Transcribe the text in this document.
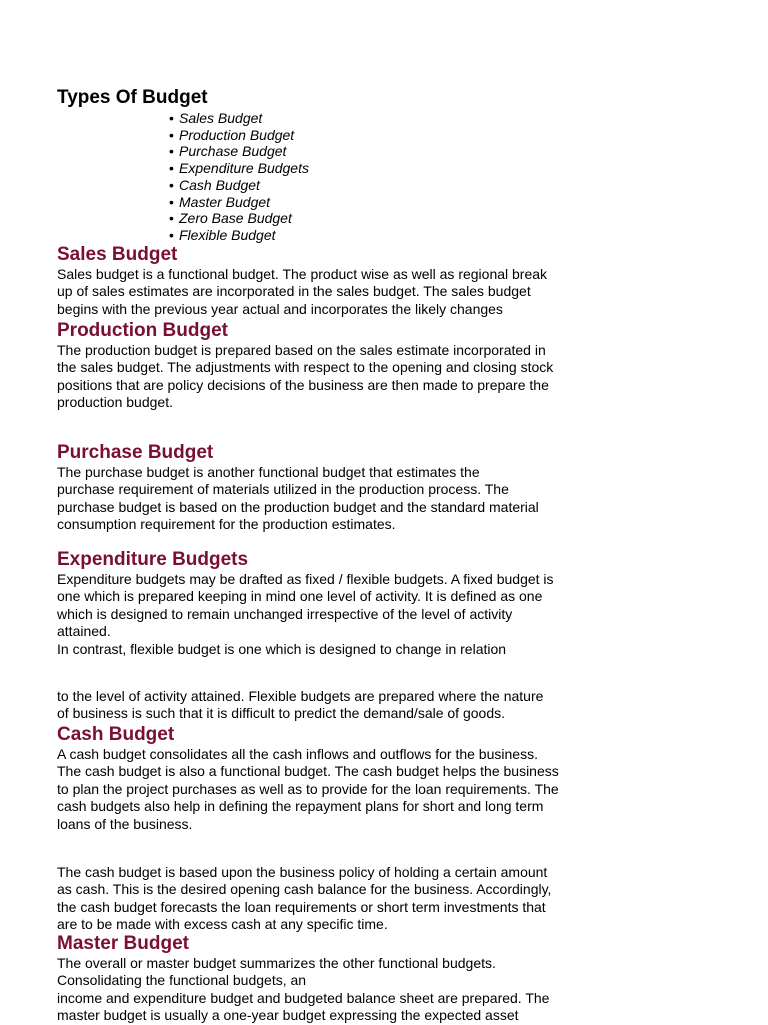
Types Of Budget
• Sales Budget
• Production Budget
• Purchase Budget
• Expenditure Budgets
• Cash Budget
• Master Budget
• Zero Base Budget
• Flexible Budget
Sales Budget

Sales budget is a functional budget. The product wise as well as regional break
up of sales estimates are incorporated in the sales budget. The sales budget
begins with the previous year actual and incorporates the likely changes

Production Budget

The production budget is prepared based on the sales estimate incorporated in
the sales budget. The adjustments with respect to the opening and closing stock
positions that are policy decisions of the business are then made to prepare the
production budget.

Purchase Budget

The purchase budget is another functional budget that estimates the
purchase requirement of materials utilized in the production process. The
purchase budget is based on the production budget and the standard material
consumption requirement for the production estimates.

Expenditure Budgets

Expenditure budgets may be drafted as fixed / flexible budgets. A fixed budget is
one which is prepared keeping in mind one level of activity. It is defined as one
which is designed to remain unchanged irrespective of the level of activity
attained.
In contrast, flexible budget is one which is designed to change in relation

to the level of activity attained. Flexible budgets are prepared where the nature
of business is such that it is difficult to predict the demand/sale of goods.

Cash Budget

A cash budget consolidates all the cash inflows and outflows for the business.
The cash budget is also a functional budget. The cash budget helps the business
to plan the project purchases as well as to provide for the loan requirements. The
cash budgets also help in defining the repayment plans for short and long term
loans of the business.

The cash budget is based upon the business policy of holding a certain amount
as cash. This is the desired opening cash balance for the business. Accordingly,
the cash budget forecasts the loan requirements or short term investments that
are to be made with excess cash at any specific time.

Master Budget

The overall or master budget summarizes the other functional budgets.
Consolidating the functional budgets, an
income and expenditure budget and budgeted balance sheet are prepared. The
master budget is usually a one-year budget expressing the expected asset
